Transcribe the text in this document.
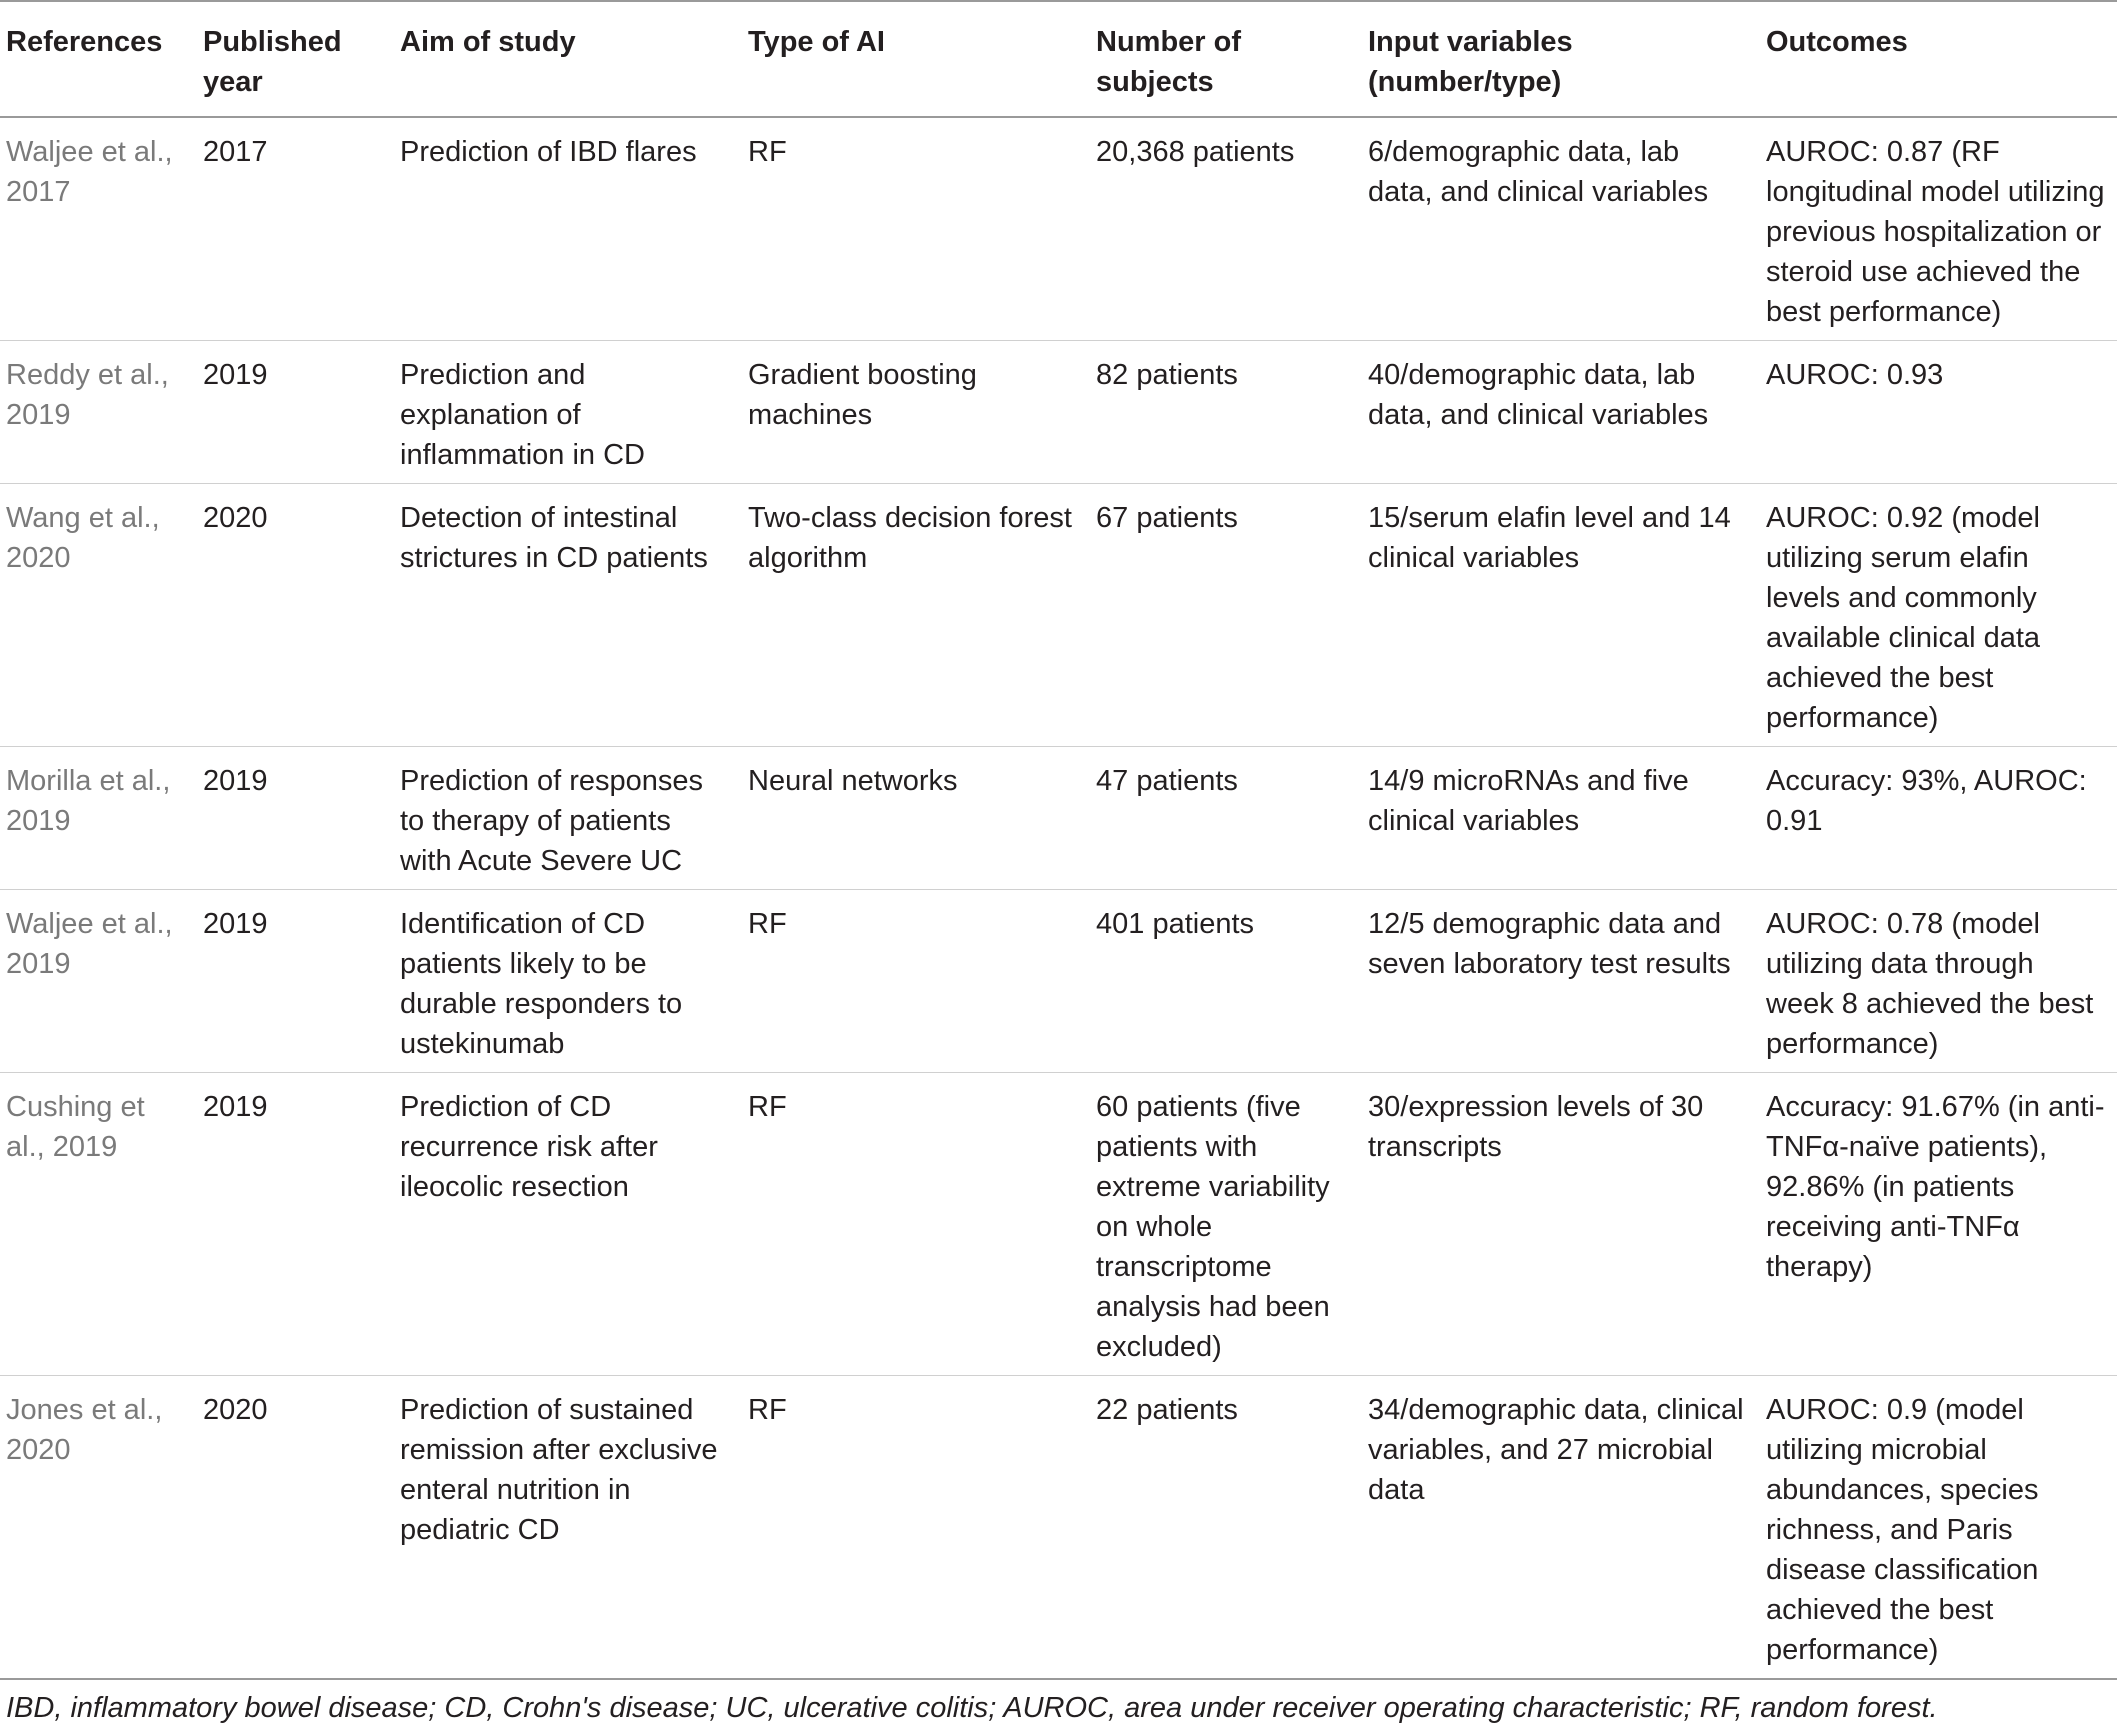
References	Published year	Aim of study	Type of AI	Number of subjects	Input variables (number/type)	Outcomes
Waljee et al., 2017	2017	Prediction of IBD flares	RF	20,368 patients	6/demographic data, lab data, and clinical variables	AUROC: 0.87 (RF longitudinal model utilizing previous hospitalization or steroid use achieved the best performance)
Reddy et al., 2019	2019	Prediction and explanation of inflammation in CD	Gradient boosting machines	82 patients	40/demographic data, lab data, and clinical variables	AUROC: 0.93
Wang et al., 2020	2020	Detection of intestinal strictures in CD patients	Two-class decision forest algorithm	67 patients	15/serum elafin level and 14 clinical variables	AUROC: 0.92 (model utilizing serum elafin levels and commonly available clinical data achieved the best performance)
Morilla et al., 2019	2019	Prediction of responses to therapy of patients with Acute Severe UC	Neural networks	47 patients	14/9 microRNAs and five clinical variables	Accuracy: 93%, AUROC: 0.91
Waljee et al., 2019	2019	Identification of CD patients likely to be durable responders to ustekinumab	RF	401 patients	12/5 demographic data and seven laboratory test results	AUROC: 0.78 (model utilizing data through week 8 achieved the best performance)
Cushing et al., 2019	2019	Prediction of CD recurrence risk after ileocolic resection	RF	60 patients (five patients with extreme variability on whole transcriptome analysis had been excluded)	30/expression levels of 30 transcripts	Accuracy: 91.67% (in anti-TNFα-naïve patients), 92.86% (in patients receiving anti-TNFα therapy)
Jones et al., 2020	2020	Prediction of sustained remission after exclusive enteral nutrition in pediatric CD	RF	22 patients	34/demographic data, clinical variables, and 27 microbial data	AUROC: 0.9 (model utilizing microbial abundances, species richness, and Paris disease classification achieved the best performance)
IBD, inflammatory bowel disease; CD, Crohn's disease; UC, ulcerative colitis; AUROC, area under receiver operating characteristic; RF, random forest.
